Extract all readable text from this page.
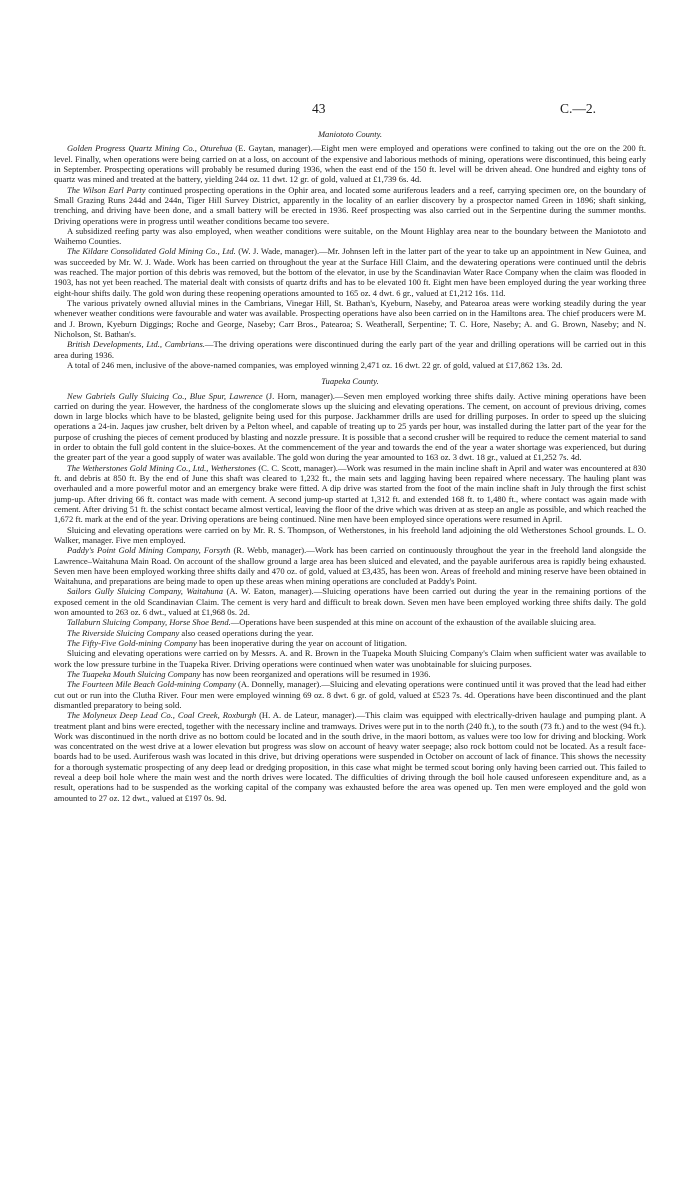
43	C.—2.

Maniototo County.

Golden Progress Quartz Mining Co., Oturehua (E. Gaytan, manager).—Eight men were employed and operations were confined to taking out the ore on the 200 ft. level. Finally, when operations were being carried on at a loss, on account of the expensive and laborious methods of mining, operations were discontinued, this being early in September. Prospecting operations will probably be resumed during 1936, when the east end of the 150 ft. level will be driven ahead. One hundred and eighty tons of quartz was mined and treated at the battery, yielding 244 oz. 11 dwt. 12 gr. of gold, valued at £1,739 6s. 4d.

The Wilson Earl Party continued prospecting operations in the Ophir area, and located some auriferous leaders and a reef, carrying specimen ore, on the boundary of Small Grazing Runs 244d and 244n, Tiger Hill Survey District, apparently in the locality of an earlier discovery by a prospector named Green in 1896; shaft sinking, trenching, and driving have been done, and a small battery will be erected in 1936. Reef prospecting was also carried out in the Serpentine during the summer months. Driving operations were in progress until weather conditions became too severe.

A subsidized reefing party was also employed, when weather conditions were suitable, on the Mount Highlay area near to the boundary between the Maniototo and Waihemo Counties.

The Kildare Consolidated Gold Mining Co., Ltd. (W. J. Wade, manager).—Mr. Johnsen left in the latter part of the year to take up an appointment in New Guinea, and was succeeded by Mr. W. J. Wade. Work has been carried on throughout the year at the Surface Hill Claim, and the dewatering operations were continued until the debris was reached. The major portion of this debris was removed, but the bottom of the elevator, in use by the Scandinavian Water Race Company when the claim was flooded in 1903, has not yet been reached. The material dealt with consists of quartz drifts and has to be elevated 100 ft. Eight men have been employed during the year working three eight-hour shifts daily. The gold won during these reopening operations amounted to 165 oz. 4 dwt. 6 gr., valued at £1,212 16s. 11d.

The various privately owned alluvial mines in the Cambrians, Vinegar Hill, St. Bathan's, Kyeburn, Naseby, and Patearoa areas were working steadily during the year whenever weather conditions were favourable and water was available. Prospecting operations have also been carried on in the Hamiltons area. The chief producers were M. and J. Brown, Kyeburn Diggings; Roche and George, Naseby; Carr Bros., Patearoa; S. Weatherall, Serpentine; T. C. Hore, Naseby; A. and G. Brown, Naseby; and N. Nicholson, St. Bathan's.

British Developments, Ltd., Cambrians.—The driving operations were discontinued during the early part of the year and drilling operations will be carried out in this area during 1936.

A total of 246 men, inclusive of the above-named companies, was employed winning 2,471 oz. 16 dwt. 22 gr. of gold, valued at £17,862 13s. 2d.

Tuapeka County.

New Gabriels Gully Sluicing Co., Blue Spur, Lawrence (J. Horn, manager).—Seven men employed working three shifts daily. Active mining operations have been carried on during the year. However, the hardness of the conglomerate slows up the sluicing and elevating operations. The cement, on account of previous driving, comes down in large blocks which have to be blasted, gelignite being used for this purpose. Jackhammer drills are used for drilling purposes. In order to speed up the sluicing operations a 24-in. Jaques jaw crusher, belt driven by a Pelton wheel, and capable of treating up to 25 yards per hour, was installed during the latter part of the year for the purpose of crushing the pieces of cement produced by blasting and nozzle pressure. It is possible that a second crusher will be required to reduce the cement material to sand in order to obtain the full gold content in the sluice-boxes. At the commencement of the year and towards the end of the year a water shortage was experienced, but during the greater part of the year a good supply of water was available. The gold won during the year amounted to 163 oz. 3 dwt. 18 gr., valued at £1,252 7s. 4d.

The Wetherstones Gold Mining Co., Ltd., Wetherstones (C. C. Scott, manager).—Work was resumed in the main incline shaft in April and water was encountered at 830 ft. and debris at 850 ft. By the end of June this shaft was cleared to 1,232 ft., the main sets and lagging having been repaired where necessary. The hauling plant was overhauled and a more powerful motor and an emergency brake were fitted. A dip drive was started from the foot of the main incline shaft in July through the first schist jump-up. After driving 66 ft. contact was made with cement. A second jump-up started at 1,312 ft. and extended 168 ft. to 1,480 ft., where contact was again made with cement. After driving 51 ft. the schist contact became almost vertical, leaving the floor of the drive which was driven at as steep an angle as possible, and which reached the 1,672 ft. mark at the end of the year. Driving operations are being continued. Nine men have been employed since operations were resumed in April.

Sluicing and elevating operations were carried on by Mr. R. S. Thompson, of Wetherstones, in his freehold land adjoining the old Wetherstones School grounds. L. O. Walker, manager. Five men employed.

Paddy's Point Gold Mining Company, Forsyth (R. Webb, manager).—Work has been carried on continuously throughout the year in the freehold land alongside the Lawrence–Waitahuna Main Road. On account of the shallow ground a large area has been sluiced and elevated, and the payable auriferous area is rapidly being exhausted. Seven men have been employed working three shifts daily and 470 oz. of gold, valued at £3,435, has been won. Areas of freehold and mining reserve have been obtained in Waitahuna, and preparations are being made to open up these areas when mining operations are concluded at Paddy's Point.

Sailors Gully Sluicing Company, Waitahuna (A. W. Eaton, manager).—Sluicing operations have been carried out during the year in the remaining portions of the exposed cement in the old Scandinavian Claim. The cement is very hard and difficult to break down. Seven men have been employed working three shifts daily. The gold won amounted to 263 oz. 6 dwt., valued at £1,968 0s. 2d.

Tallaburn Sluicing Company, Horse Shoe Bend.—Operations have been suspended at this mine on account of the exhaustion of the available sluicing area.

The Riverside Sluicing Company also ceased operations during the year.

The Fifty-Five Gold-mining Company has been inoperative during the year on account of litigation.

Sluicing and elevating operations were carried on by Messrs. A. and R. Brown in the Tuapeka Mouth Sluicing Company's Claim when sufficient water was available to work the low pressure turbine in the Tuapeka River. Driving operations were continued when water was unobtainable for sluicing purposes.

The Tuapeka Mouth Sluicing Company has now been reorganized and operations will be resumed in 1936.

The Fourteen Mile Beach Gold-mining Company (A. Donnelly, manager).—Sluicing and elevating operations were continued until it was proved that the lead had either cut out or run into the Clutha River. Four men were employed winning 69 oz. 8 dwt. 6 gr. of gold, valued at £523 7s. 4d. Operations have been discontinued and the plant dismantled preparatory to being sold.

The Molyneux Deep Lead Co., Coal Creek, Roxburgh (H. A. de Lateur, manager).—This claim was equipped with electrically-driven haulage and pumping plant. A treatment plant and bins were erected, together with the necessary incline and tramways. Drives were put in to the north (240 ft.), to the south (73 ft.) and to the west (94 ft.). Work was discontinued in the north drive as no bottom could be located and in the south drive, in the maori bottom, as values were too low for driving and blocking. Work was concentrated on the west drive at a lower elevation but progress was slow on account of heavy water seepage; also rock bottom could not be located. As a result face-boards had to be used. Auriferous wash was located in this drive, but driving operations were suspended in October on account of lack of finance. This shows the necessity for a thorough systematic prospecting of any deep lead or dredging proposition, in this case what might be termed scout boring only having been carried out. This failed to reveal a deep boil hole where the main west and the north drives were located. The difficulties of driving through the boil hole caused unforeseen expenditure and, as a result, operations had to be suspended as the working capital of the company was exhausted before the area was opened up. Ten men were employed and the gold won amounted to 27 oz. 12 dwt., valued at £197 0s. 9d.
